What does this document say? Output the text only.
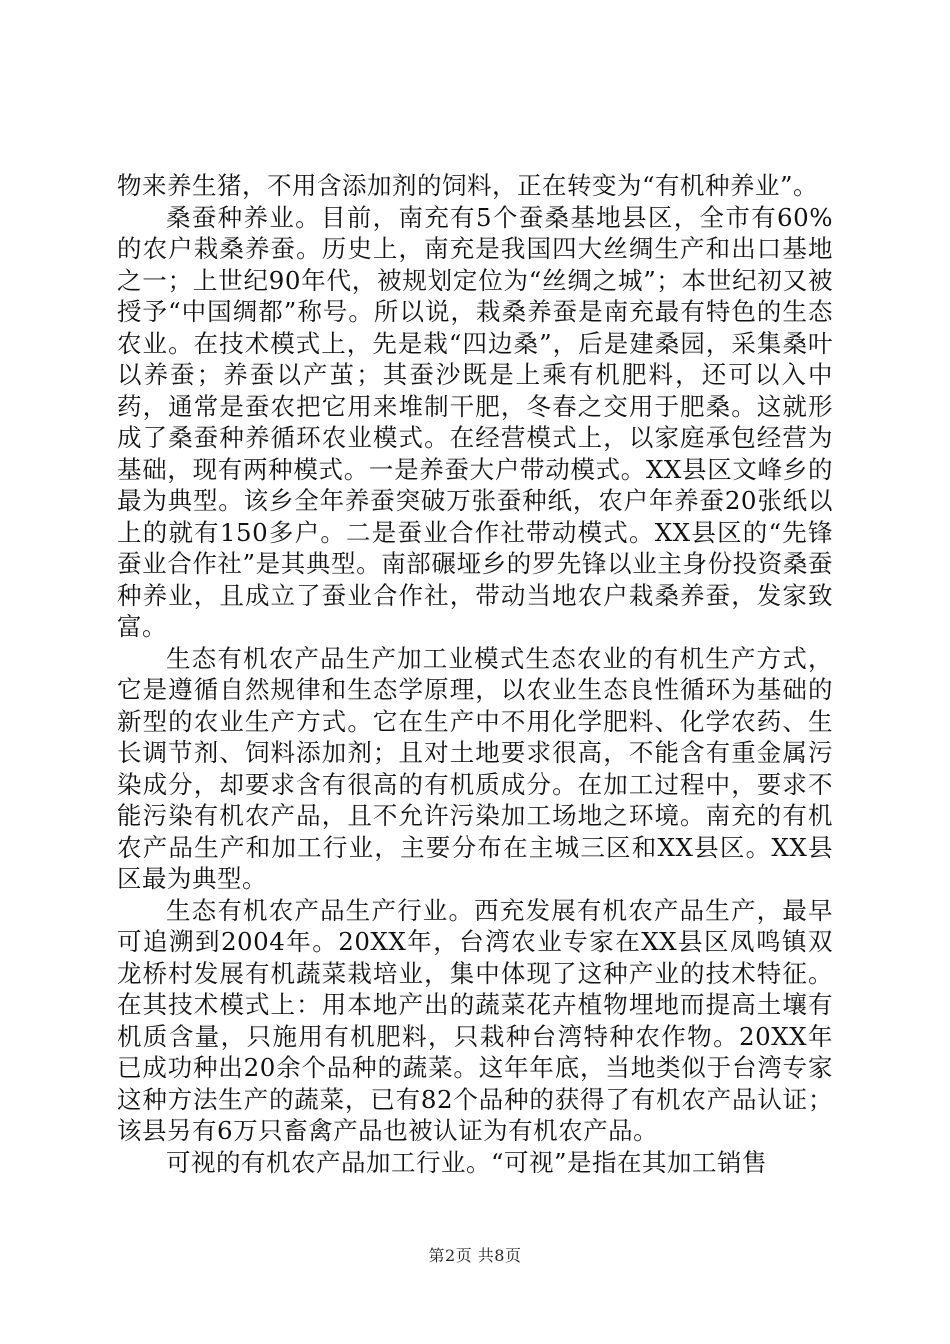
物来养生猪，不用含添加剂的饲料，正在转变为“有机种养业”。

桑蚕种养业。目前，南充有5个蚕桑基地县区，全市有60%的农户栽桑养蚕。历史上，南充是我国四大丝绸生产和出口基地之一；上世纪90年代，被规划定位为“丝绸之城”；本世纪初又被授予“中国绸都”称号。所以说，栽桑养蚕是南充最有特色的生态农业。在技术模式上，先是栽“四边桑”，后是建桑园，采集桑叶以养蚕；养蚕以产茧；其蚕沙既是上乘有机肥料，还可以入中药，通常是蚕农把它用来堆制干肥，冬春之交用于肥桑。这就形成了桑蚕种养循环农业模式。在经营模式上，以家庭承包经营为基础，现有两种模式。一是养蚕大户带动模式。XX县区文峰乡的最为典型。该乡全年养蚕突破万张蚕种纸，农户年养蚕20张纸以上的就有150多户。二是蚕业合作社带动模式。XX县区的“先锋蚕业合作社”是其典型。南部碾垭乡的罗先锋以业主身份投资桑蚕种养业，且成立了蚕业合作社，带动当地农户栽桑养蚕，发家致富。

生态有机农产品生产加工业模式生态农业的有机生产方式，它是遵循自然规律和生态学原理，以农业生态良性循环为基础的新型的农业生产方式。它在生产中不用化学肥料、化学农药、生长调节剂、饲料添加剂；且对土地要求很高，不能含有重金属污染成分，却要求含有很高的有机质成分。在加工过程中，要求不能污染有机农产品，且不允许污染加工场地之环境。南充的有机农产品生产和加工行业，主要分布在主城三区和XX县区。XX县区最为典型。

生态有机农产品生产行业。西充发展有机农产品生产，最早可追溯到2004年。20XX年，台湾农业专家在XX县区凤鸣镇双龙桥村发展有机蔬菜栽培业，集中体现了这种产业的技术特征。在其技术模式上：用本地产出的蔬菜花卉植物埋地而提高土壤有机质含量，只施用有机肥料，只栽种台湾特种农作物。20XX年已成功种出20余个品种的蔬菜。这年年底，当地类似于台湾专家这种方法生产的蔬菜，已有82个品种的获得了有机农产品认证；该县另有6万只畜禽产品也被认证为有机农产品。

可视的有机农产品加工行业。“可视”是指在其加工销售

第2页 共8页
